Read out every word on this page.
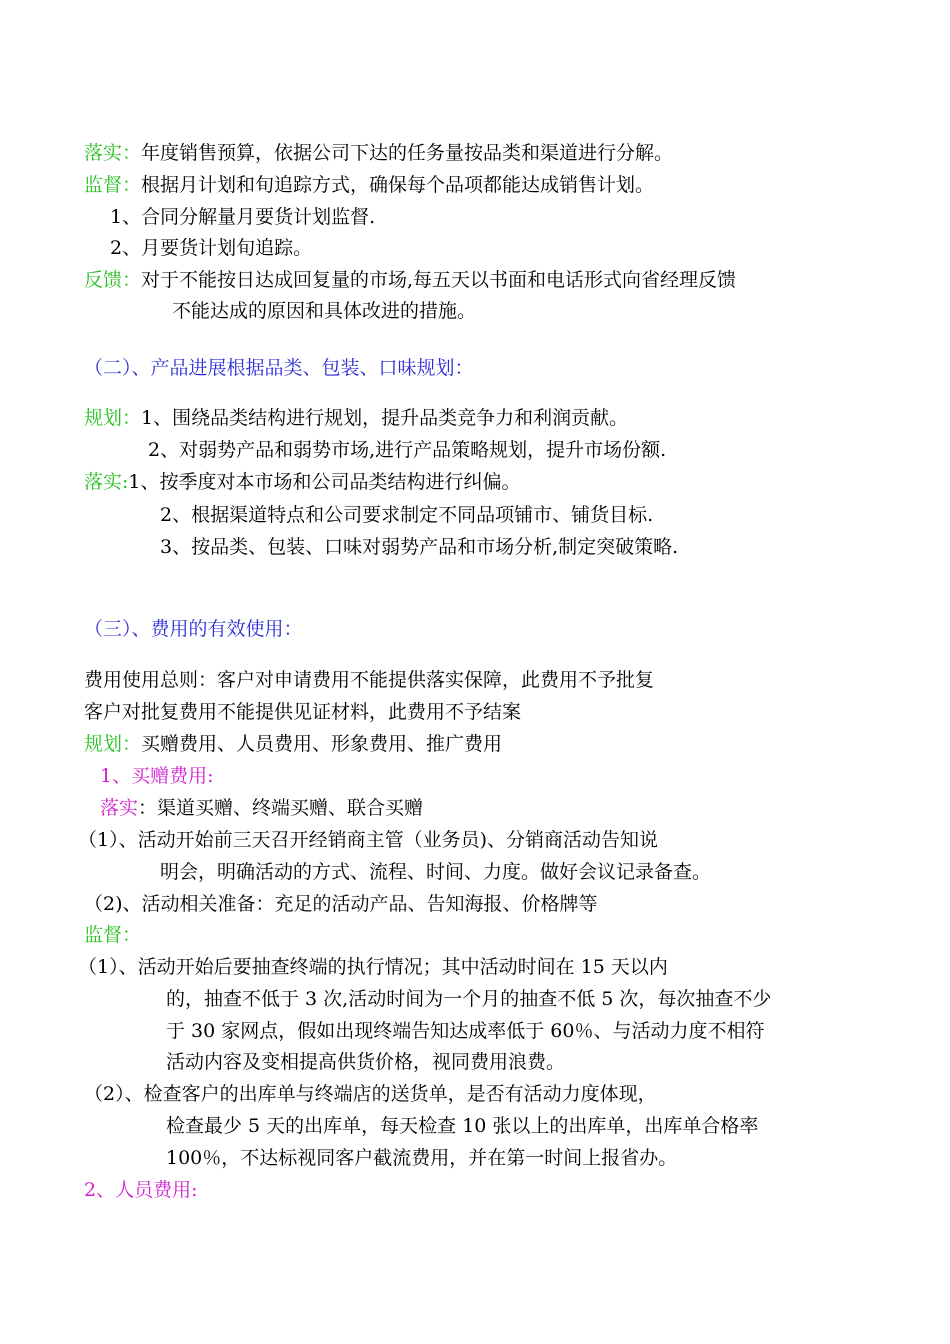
落实：年度销售预算，依据公司下达的任务量按品类和渠道进行分解。
监督：根据月计划和旬追踪方式，确保每个品项都能达成销售计划。
1、合同分解量月要货计划监督.
2、月要货计划旬追踪。
反馈：对于不能按日达成回复量的市场,每五天以书面和电话形式向省经理反馈
不能达成的原因和具体改进的措施。
（二）、产品进展根据品类、包装、口味规划：
规划：1、围绕品类结构进行规划，提升品类竞争力和利润贡献。
2、对弱势产品和弱势市场,进行产品策略规划，提升市场份额.
落实:1、按季度对本市场和公司品类结构进行纠偏。
2、根据渠道特点和公司要求制定不同品项铺市、铺货目标.
3、按品类、包装、口味对弱势产品和市场分析,制定突破策略.
（三）、费用的有效使用：
费用使用总则：客户对申请费用不能提供落实保障，此费用不予批复
客户对批复费用不能提供见证材料，此费用不予结案
规划：买赠费用、人员费用、形象费用、推广费用
1、买赠费用:
落实：渠道买赠、终端买赠、联合买赠
（1）、活动开始前三天召开经销商主管（业务员)、分销商活动告知说
明会，明确活动的方式、流程、时间、力度。做好会议记录备查。
（2)、活动相关准备：充足的活动产品、告知海报、价格牌等
监督：
（1）、活动开始后要抽查终端的执行情况；其中活动时间在 15 天以内
的，抽查不低于 3 次,活动时间为一个月的抽查不低 5 次，每次抽查不少
于 30 家网点，假如出现终端告知达成率低于 60％、与活动力度不相符
活动内容及变相提高供货价格，视同费用浪费。
（2）、检查客户的出库单与终端店的送货单，是否有活动力度体现，
检查最少 5 天的出库单，每天检查 10 张以上的出库单，出库单合格率
100％，不达标视同客户截流费用，并在第一时间上报省办。
2、人员费用:
